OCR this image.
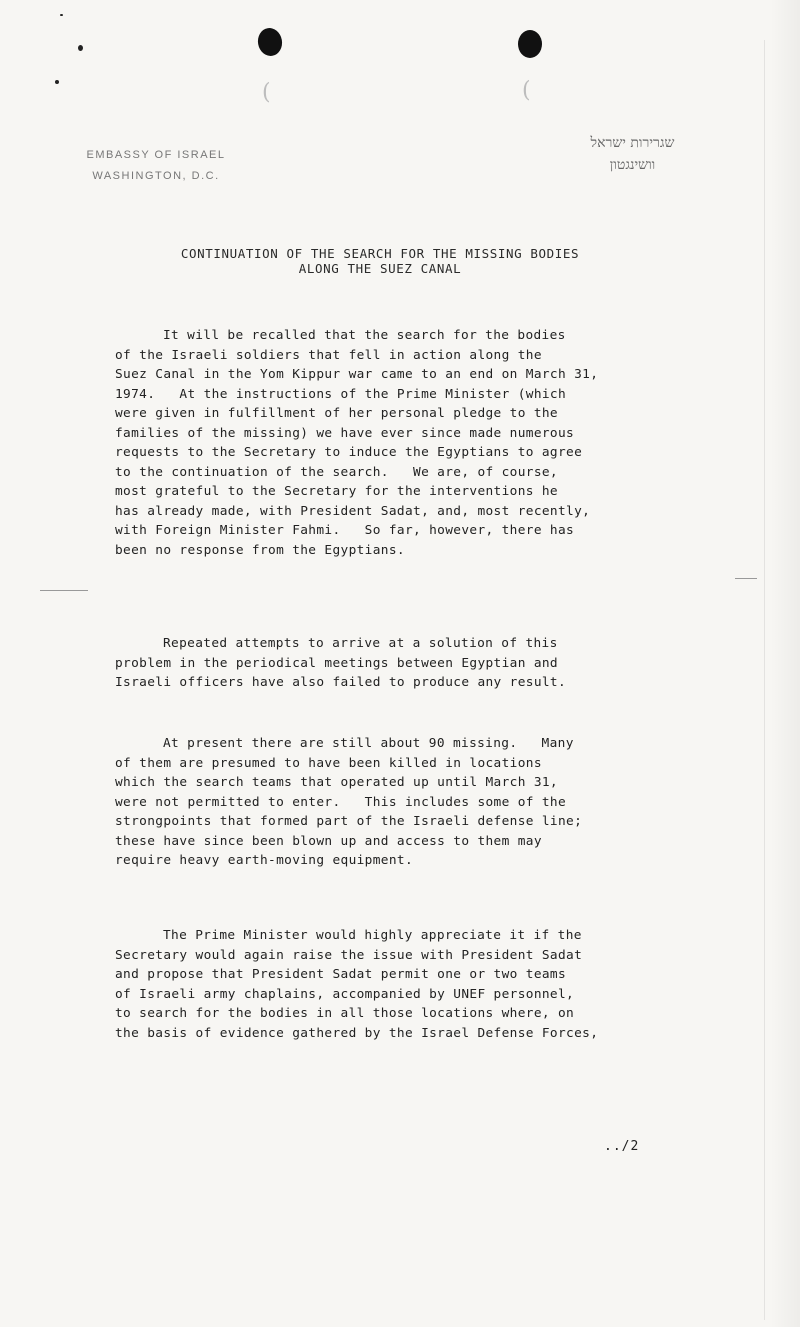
(	(
EMBASSY OF ISRAEL
WASHINGTON, D.C.
שגרירות ישראל
וושינגטון
CONTINUATION OF THE SEARCH FOR THE MISSING BODIES
ALONG THE SUEZ CANAL
It will be recalled that the search for the bodies
of the Israeli soldiers that fell in action along the
Suez Canal in the Yom Kippur war came to an end on March 31,
1974.   At the instructions of the Prime Minister (which
were given in fulfillment of her personal pledge to the
families of the missing) we have ever since made numerous
requests to the Secretary to induce the Egyptians to agree
to the continuation of the search.   We are, of course,
most grateful to the Secretary for the interventions he
has already made, with President Sadat, and, most recently,
with Foreign Minister Fahmi.   So far, however, there has
been no response from the Egyptians.
Repeated attempts to arrive at a solution of this
problem in the periodical meetings between Egyptian and
Israeli officers have also failed to produce any result.
At present there are still about 90 missing.   Many
of them are presumed to have been killed in locations
which the search teams that operated up until March 31,
were not permitted to enter.   This includes some of the
strongpoints that formed part of the Israeli defense line;
these have since been blown up and access to them may
require heavy earth-moving equipment.
The Prime Minister would highly appreciate it if the
Secretary would again raise the issue with President Sadat
and propose that President Sadat permit one or two teams
of Israeli army chaplains, accompanied by UNEF personnel,
to search for the bodies in all those locations where, on
the basis of evidence gathered by the Israel Defense Forces,
../2
